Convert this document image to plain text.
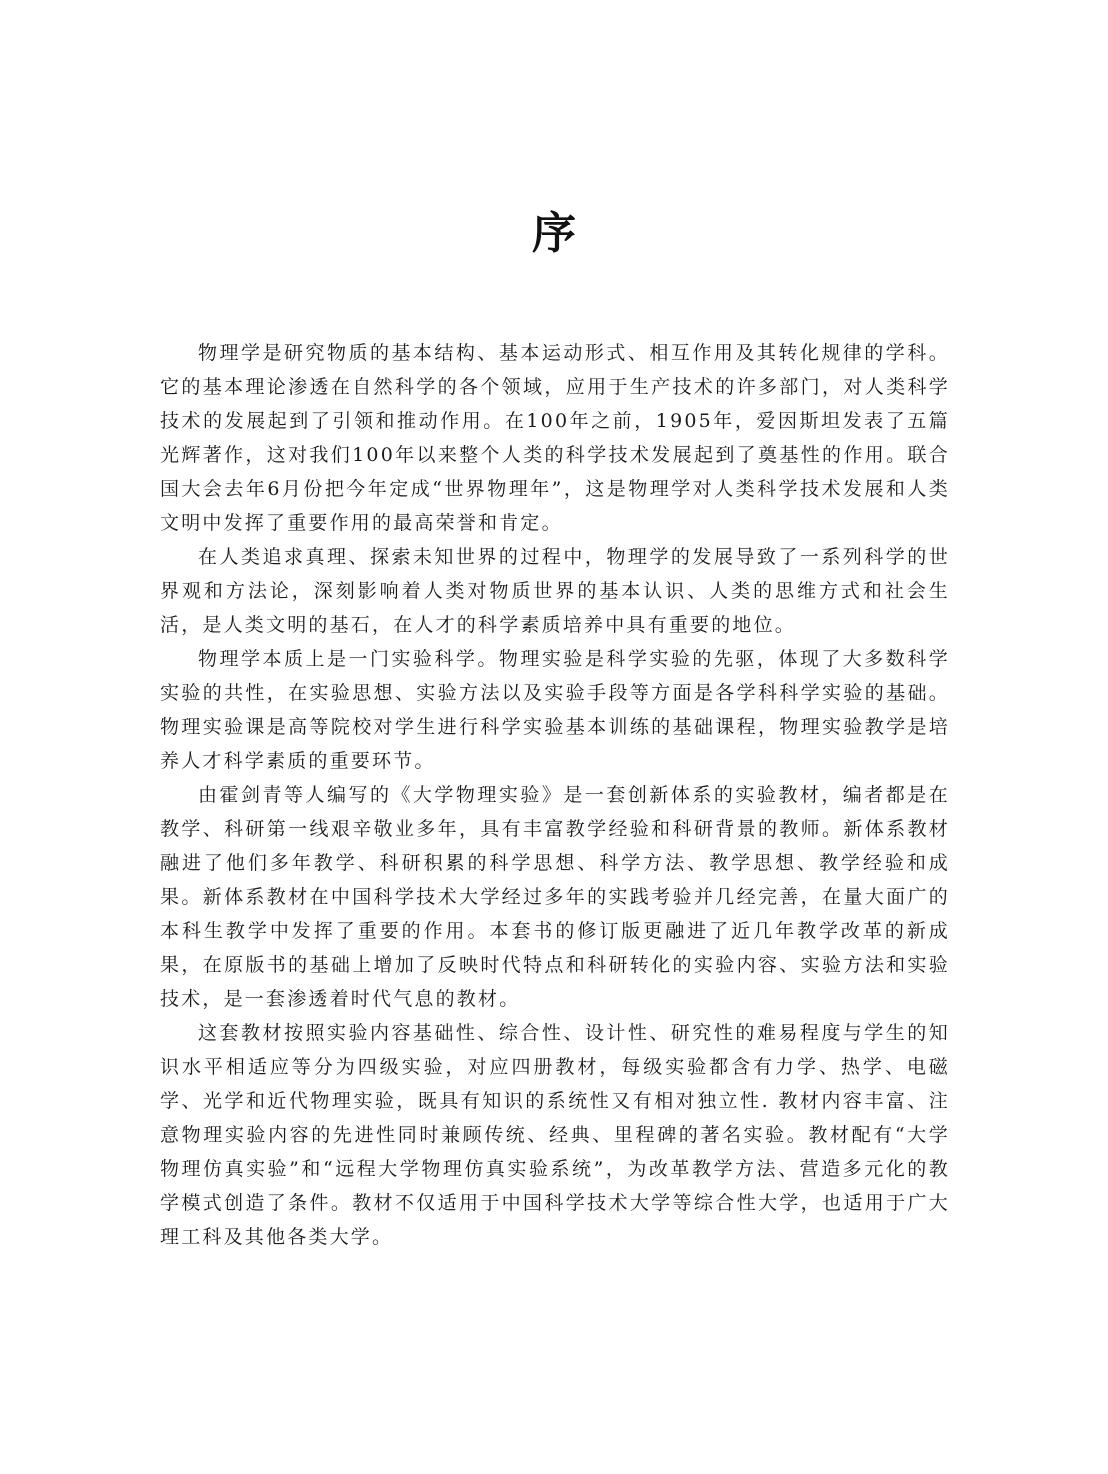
序

物理学是研究物质的基本结构、基本运动形式、相互作用及其转化规律的学科。它的基本理论渗透在自然科学的各个领域，应用于生产技术的许多部门，对人类科学技术的发展起到了引领和推动作用。在100年之前，1905年，爱因斯坦发表了五篇光辉著作，这对我们100年以来整个人类的科学技术发展起到了奠基性的作用。联合国大会去年6月份把今年定成“世界物理年”，这是物理学对人类科学技术发展和人类文明中发挥了重要作用的最高荣誉和肯定。

在人类追求真理、探索未知世界的过程中，物理学的发展导致了一系列科学的世界观和方法论，深刻影响着人类对物质世界的基本认识、人类的思维方式和社会生活，是人类文明的基石，在人才的科学素质培养中具有重要的地位。

物理学本质上是一门实验科学。物理实验是科学实验的先驱，体现了大多数科学实验的共性，在实验思想、实验方法以及实验手段等方面是各学科科学实验的基础。物理实验课是高等院校对学生进行科学实验基本训练的基础课程，物理实验教学是培养人才科学素质的重要环节。

由霍剑青等人编写的《大学物理实验》是一套创新体系的实验教材，编者都是在教学、科研第一线艰辛敬业多年，具有丰富教学经验和科研背景的教师。新体系教材融进了他们多年教学、科研积累的科学思想、科学方法、教学思想、教学经验和成果。新体系教材在中国科学技术大学经过多年的实践考验并几经完善，在量大面广的本科生教学中发挥了重要的作用。本套书的修订版更融进了近几年教学改革的新成果，在原版书的基础上增加了反映时代特点和科研转化的实验内容、实验方法和实验技术，是一套渗透着时代气息的教材。

这套教材按照实验内容基础性、综合性、设计性、研究性的难易程度与学生的知识水平相适应等分为四级实验，对应四册教材，每级实验都含有力学、热学、电磁学、光学和近代物理实验，既具有知识的系统性又有相对独立性. 教材内容丰富、注意物理实验内容的先进性同时兼顾传统、经典、里程碑的著名实验。教材配有“大学物理仿真实验”和“远程大学物理仿真实验系统”，为改革教学方法、营造多元化的教学模式创造了条件。教材不仅适用于中国科学技术大学等综合性大学，也适用于广大理工科及其他各类大学。
